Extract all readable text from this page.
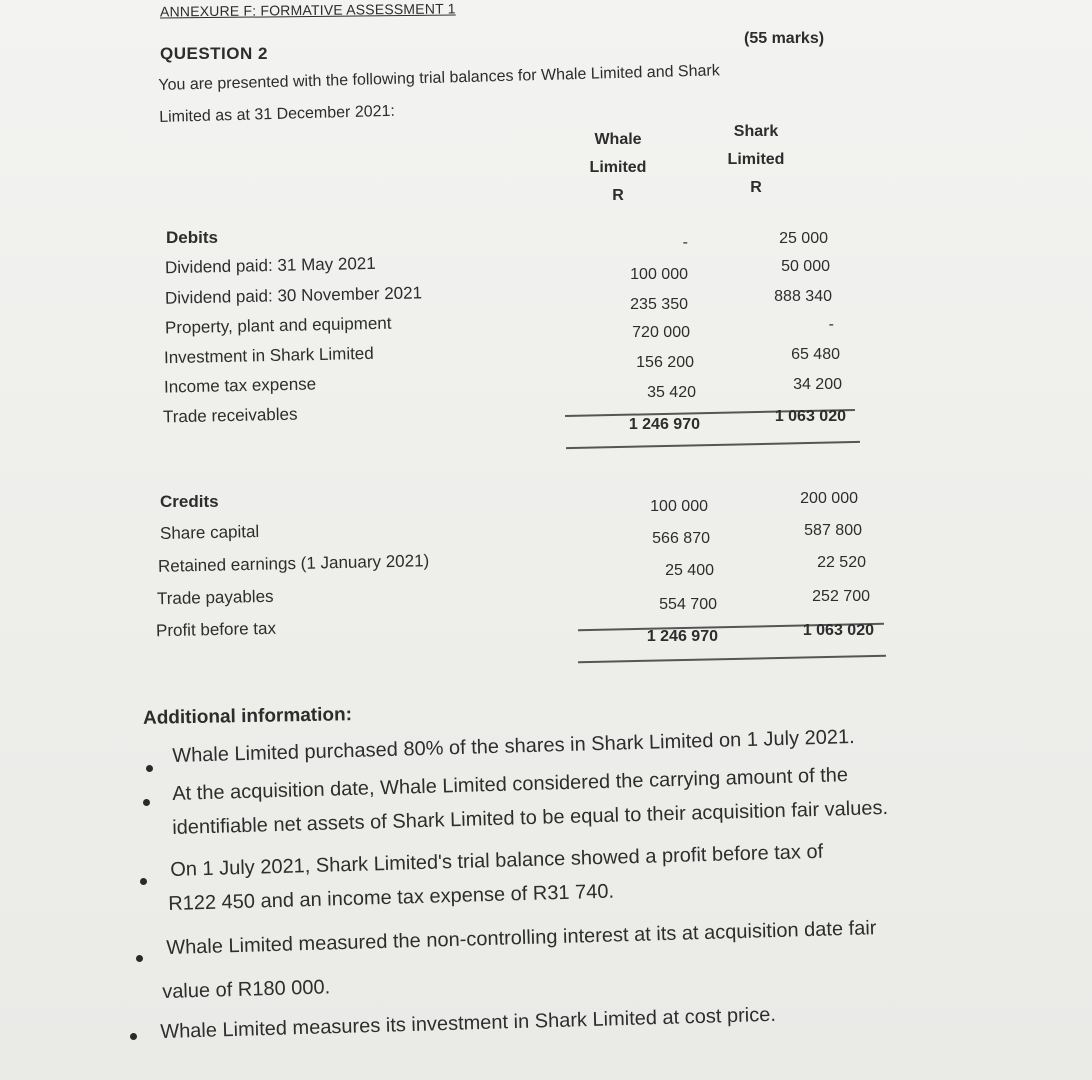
ANNEXURE F: FORMATIVE ASSESSMENT 1
QUESTION 2
(55 marks)
You are presented with the following trial balances for Whale Limited and Shark
Limited as at 31 December 2021:
Whale
Limited
R
Shark
Limited
R
Debits
Dividend paid: 31 May 2021
Dividend paid: 30 November 2021
Property, plant and equipment
Investment in Shark Limited
Income tax expense
Trade receivables
-
100 000
235 350
720 000
156 200
35 420
25 000
50 000
888 340
-
65 480
34 200
1 246 970	1 063 020
Credits
Share capital
Retained earnings (1 January 2021)
Trade payables
Profit before tax
100 000
566 870
25 400
554 700
200 000
587 800
22 520
252 700
1 246 970	1 063 020
Additional information:
Whale Limited purchased 80% of the shares in Shark Limited on 1 July 2021.
At the acquisition date, Whale Limited considered the carrying amount of the
identifiable net assets of Shark Limited to be equal to their acquisition fair values.
On 1 July 2021, Shark Limited's trial balance showed a profit before tax of
R122 450 and an income tax expense of R31 740.
Whale Limited measured the non-controlling interest at its at acquisition date fair
value of R180 000.
Whale Limited measures its investment in Shark Limited at cost price.
